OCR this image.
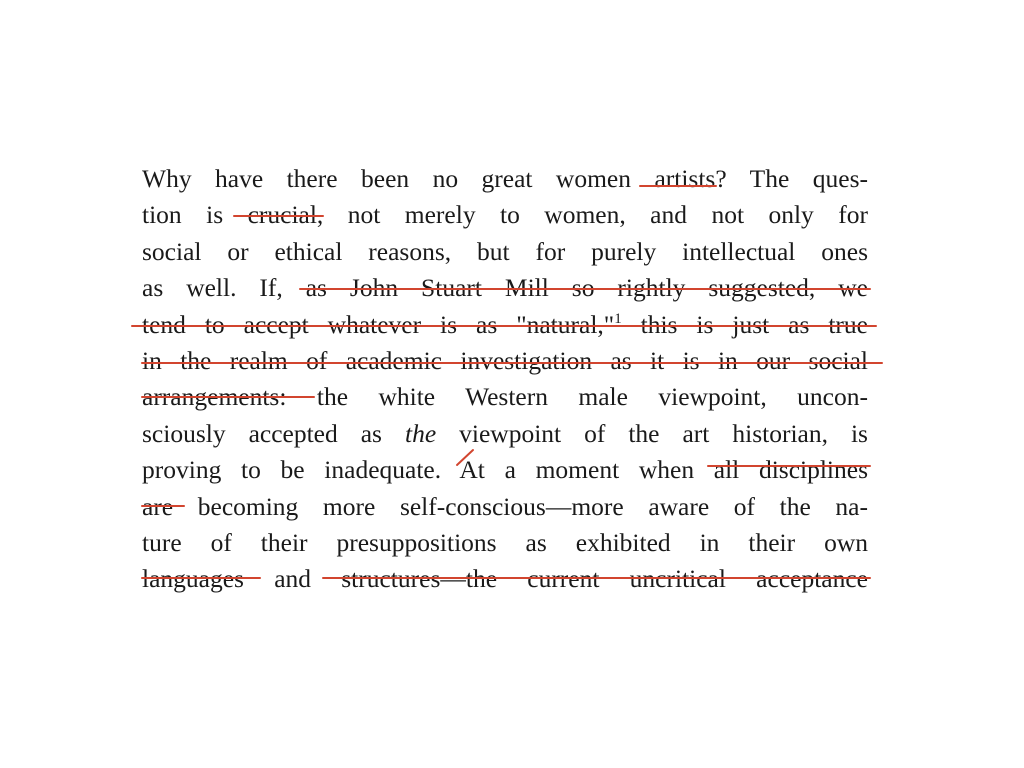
Why have there been no great women artists? The ques-
tion is crucial, not merely to women, and not only for
social or ethical reasons, but for purely intellectual ones
as well. If, as John Stuart Mill so rightly suggested, we
tend to accept whatever is as "natural,"$^1$ this is just as true
in the realm of academic investigation as it is in our social
arrangements: the white Western male viewpoint, uncon-
sciously accepted as the viewpoint of the art historian, is
proving to be inadequate. At a moment when all disciplines
are becoming more self-conscious—more aware of the na-
ture of their presuppositions as exhibited in their own
languages and structures—the current uncritical acceptance
